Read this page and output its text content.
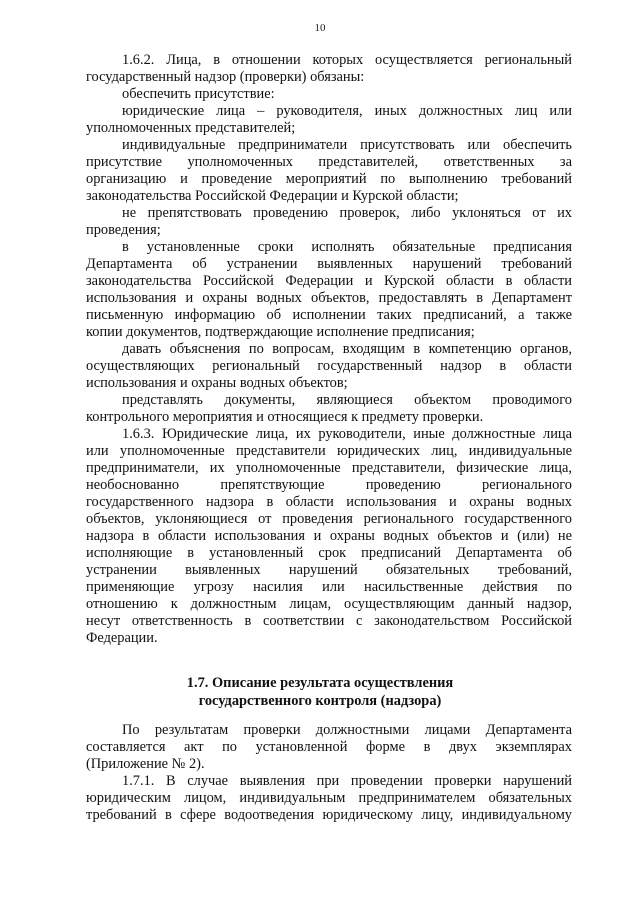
10
1.6.2. Лица, в отношении которых осуществляется региональный
государственный надзор (проверки) обязаны:
обеспечить присутствие:
юридические лица – руководителя, иных должностных лиц или
уполномоченных представителей;
индивидуальные предприниматели присутствовать или обеспечить
присутствие уполномоченных представителей, ответственных за
организацию и проведение мероприятий по выполнению требований
законодательства Российской Федерации и Курской области;
не препятствовать проведению проверок, либо уклоняться от их
проведения;
в установленные сроки исполнять обязательные предписания
Департамента об устранении выявленных нарушений требований
законодательства Российской Федерации и Курской области в области
использования и охраны водных объектов, предоставлять в Департамент
письменную информацию об исполнении таких предписаний, а также
копии документов, подтверждающие исполнение предписания;
давать объяснения по вопросам, входящим в компетенцию органов,
осуществляющих региональный государственный надзор в области
использования и охраны водных объектов;
представлять документы, являющиеся объектом проводимого
контрольного мероприятия и относящиеся к предмету проверки.
1.6.3. Юридические лица, их руководители, иные должностные лица
или уполномоченные представители юридических лиц, индивидуальные
предприниматели, их уполномоченные представители, физические лица,
необоснованно препятствующие проведению регионального
государственного надзора в области использования и охраны водных
объектов, уклоняющиеся от проведения регионального государственного
надзора в области использования и охраны водных объектов и (или) не
исполняющие в установленный срок предписаний Департамента об
устранении выявленных нарушений обязательных требований,
применяющие угрозу насилия или насильственные действия по
отношению к должностным лицам, осуществляющим данный надзор,
несут ответственность в соответствии с законодательством Российской
Федерации.
1.7. Описание результата осуществления
государственного контроля (надзора)
По результатам проверки должностными лицами Департамента
составляется акт по установленной форме в двух экземплярах
(Приложение № 2).
1.7.1. В случае выявления при проведении проверки нарушений
юридическим лицом, индивидуальным предпринимателем обязательных
требований в сфере водоотведения юридическому лицу, индивидуальному
